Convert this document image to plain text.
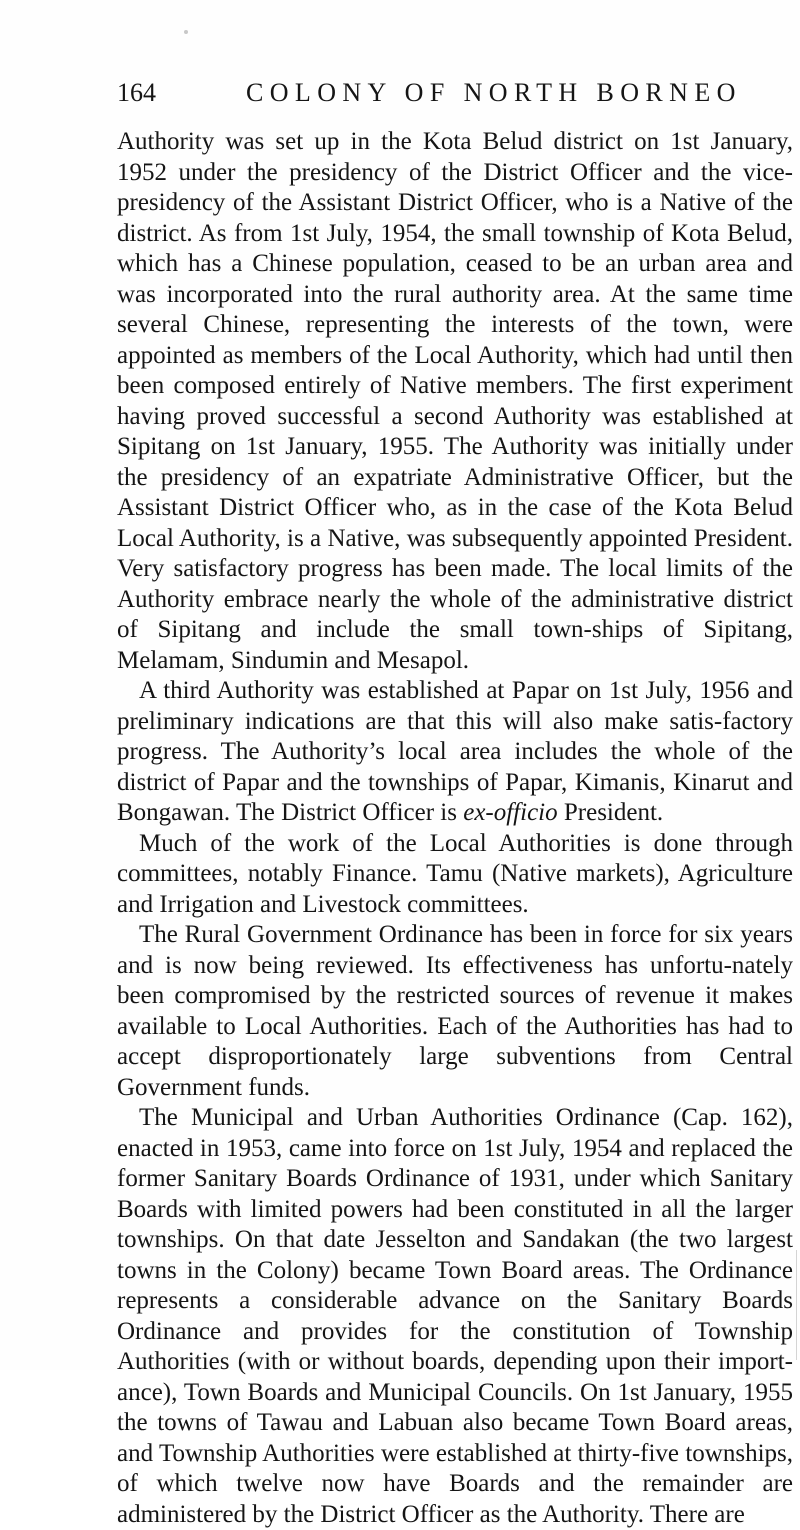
164	COLONY OF NORTH BORNEO

Authority was set up in the Kota Belud district on 1st January, 1952 under the presidency of the District Officer and the vice-presidency of the Assistant District Officer, who is a Native of the district. As from 1st July, 1954, the small township of Kota Belud, which has a Chinese population, ceased to be an urban area and was incorporated into the rural authority area. At the same time several Chinese, representing the interests of the town, were appointed as members of the Local Authority, which had until then been composed entirely of Native members. The first experiment having proved successful a second Authority was established at Sipitang on 1st January, 1955. The Authority was initially under the presidency of an expatriate Administrative Officer, but the Assistant District Officer who, as in the case of the Kota Belud Local Authority, is a Native, was subsequently appointed President. Very satisfactory progress has been made. The local limits of the Authority embrace nearly the whole of the administrative district of Sipitang and include the small town-ships of Sipitang, Melamam, Sindumin and Mesapol.

A third Authority was established at Papar on 1st July, 1956 and preliminary indications are that this will also make satis-factory progress. The Authority’s local area includes the whole of the district of Papar and the townships of Papar, Kimanis, Kinarut and Bongawan. The District Officer is ex-officio President.

Much of the work of the Local Authorities is done through committees, notably Finance. Tamu (Native markets), Agriculture and Irrigation and Livestock committees.

The Rural Government Ordinance has been in force for six years and is now being reviewed. Its effectiveness has unfortu-nately been compromised by the restricted sources of revenue it makes available to Local Authorities. Each of the Authorities has had to accept disproportionately large subventions from Central Government funds.

The Municipal and Urban Authorities Ordinance (Cap. 162), enacted in 1953, came into force on 1st July, 1954 and replaced the former Sanitary Boards Ordinance of 1931, under which Sanitary Boards with limited powers had been constituted in all the larger townships. On that date Jesselton and Sandakan (the two largest towns in the Colony) became Town Board areas. The Ordinance represents a considerable advance on the Sanitary Boards Ordinance and provides for the constitution of Township Authorities (with or without boards, depending upon their import-ance), Town Boards and Municipal Councils. On 1st January, 1955 the towns of Tawau and Labuan also became Town Board areas, and Township Authorities were established at thirty-five townships, of which twelve now have Boards and the remainder are administered by the District Officer as the Authority. There are
